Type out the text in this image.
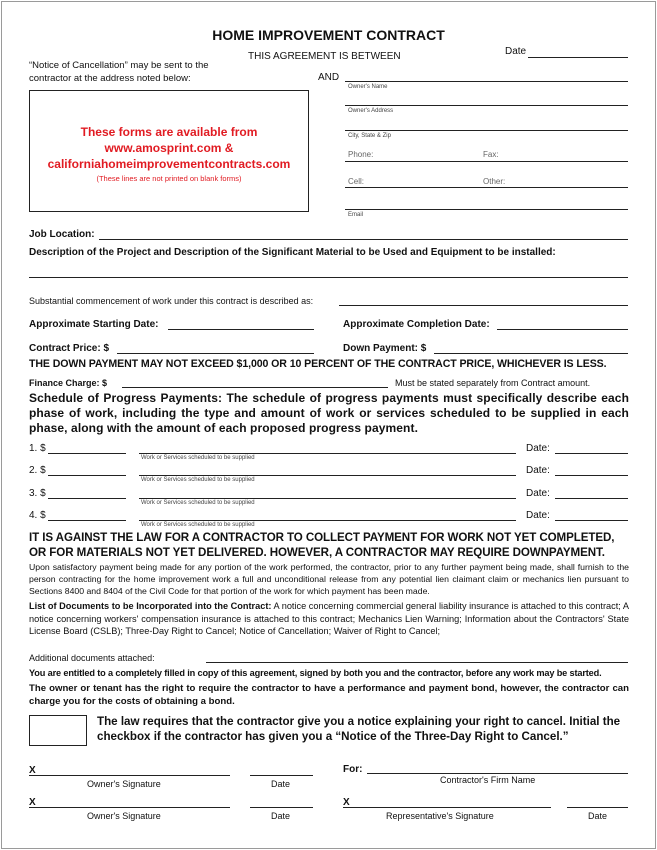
HOME IMPROVEMENT CONTRACT
THIS AGREEMENT IS BETWEEN	Date
“Notice of Cancellation” may be sent to the
contractor at the address noted below:	AND
These forms are available from
www.amosprint.com &
californiahomeimprovementcontracts.com
(These lines are not printed on blank forms)
Owner's Name
Owner's Address
City, State & Zip
Phone:	Fax:
Cell:	Other:
Email
Job Location:
Description of the Project and Description of the Significant Material to be Used and Equipment to be installed:
Substantial commencement of work under this contract is described as:
Approximate Starting Date:	Approximate Completion Date:
Contract Price: $	Down Payment: $
THE DOWN PAYMENT MAY NOT EXCEED $1,000 OR 10 PERCENT OF THE CONTRACT PRICE, WHICHEVER IS LESS.
Finance Charge: $	Must be stated separately from Contract amount.
Schedule of Progress Payments: The schedule of progress payments must specifically describe each phase of work, including the type and amount of work or services scheduled to be supplied in each phase, along with the amount of each proposed progress payment.
1. $
Work or Services scheduled to be supplied
Date:
2. $
Work or Services scheduled to be supplied
Date:
3. $
Work or Services scheduled to be supplied
Date:
4. $
Work or Services scheduled to be supplied
Date:
IT IS AGAINST THE LAW FOR A CONTRACTOR TO COLLECT PAYMENT FOR WORK NOT YET COMPLETED, OR FOR MATERIALS NOT YET DELIVERED. HOWEVER, A CONTRACTOR MAY REQUIRE DOWNPAYMENT.
Upon satisfactory payment being made for any portion of the work performed, the contractor, prior to any further payment being made, shall furnish to the person contracting for the home improvement work a full and unconditional release from any potential lien claimant claim or mechanics lien pursuant to Sections 8400 and 8404 of the Civil Code for that portion of the work for which payment has been made.
List of Documents to be Incorporated into the Contract: A notice concerning commercial general liability insurance is attached to this contract; A notice concerning workers' compensation insurance is attached to this contract; Mechanics Lien Warning; Information about the Contractors' State License Board (CSLB); Three-Day Right to Cancel; Notice of Cancellation; Waiver of Right to Cancel;
Additional documents attached:
You are entitled to a completely filled in copy of this agreement, signed by both you and the contractor, before any work may be started.
The owner or tenant has the right to require the contractor to have a performance and payment bond, however, the contractor can charge you for the costs of obtaining a bond.
The law requires that the contractor give you a notice explaining your right to cancel. Initial the checkbox if the contractor has given you a “Notice of the Three-Day Right to Cancel.”
X
Owner's Signature	Date
For:
Contractor's Firm Name
X
Owner's Signature	Date
X
Representative's Signature	Date
